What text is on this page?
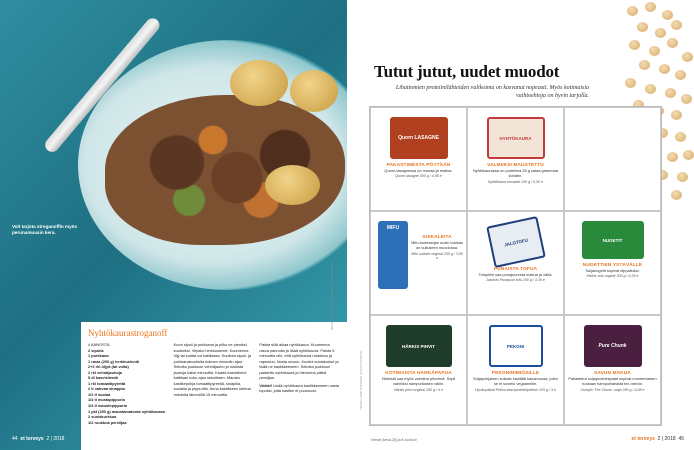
Voit tarjota stroganoffin myös perunamuusin kera.
Nyhtökaurastroganoff
4 ANNOSTA
2 sipulia
1 porkkana
1 rasia (200 g) herkkusieniä
2+2 rkl öljyä (tai voita)
2 rkl vehnäjauhoja
5 dl kasvislientä
1 rkl tomaattipyrettä
2 tl vahvaa sinappia
1/2 tl suolaa
1/4 tl mustapippuria
1/4 tl maustepippuria
1 pkt (250 g) maustamatonta nyhtökauraa
2 suolakurkkua
1/2 ruukkua persiljaa

Kuori sipuli ja porkkana ja pilko ne pieniksi kuutioiksi. Viipaloi herkkusienet. Kuumenna öljy tai sulata voi kattilassa. Kuullota sipuli- ja porkkanakuutioita kolmen minuutin ajan. Sekoita joukkoon vehnäjauho ja ruskista jauhoja kaksi minuuttia. Kaada kasvisliemi kattilaan koko ajan sekoittaen. Mausta kastikepohja tomaattipyreellä, sinapilla, suolalla ja pippurilla. Anna kastikkeen kiehua miedolla lämmöllä 15 minuuttia.

Paista sillä aikaa nyhtökaura. Kuumenna rasva pannulla ja lisää nyhtökaura. Paista 5 minuuttia niin, että nyhtökaura ruskistuu ja rapeutuu. Nosta sivuun. Kuutioi suolakurkut ja lisää ne kastikkeeseen. Sekoita joukkoon paistettu nyhtökaura ja hienonna pätkä persiljaa.

Vinkki! Lisää nyhtökaura kastikkeeseen vasta lopuksi, jotta kastike ei puuroudu.

44 et terveys 2 | 2018
KUVAT: ROBERT MUUKKONEN JA VALMISTAJAT
Tutut jutut, uudet muodot
Lihattomien proteiinilähteiden valikoima on kasvanut nopeasti. Myös kotimaisia vaihtoehtoja on hyvin tarjolla.
Quorn LASAGNE
PAKASTIMESTA PÖYTÄÄN
Quorn-lasagnessa on munaa ja maitoa.
Quorn lasagne 300 g / 4,95 e
NYHTÖKAURA
VALMIIKSI MAUSTETTU
Nyhtökaurassa on proteiinia 28 g sataa grammaa kohden.
Nyhtökaura tomaatti 240 g / 6,60 e
MIFU
SUIKALEITA
Mifu-tuotesarjan uusin tulokas on suikaleen muodossa.
Mifu suikale original 250 g / 3,85 e
JALOTOFU
PUNAISTA TOFUA
Tofuphiin saa punajuuresta makua ja väriä.
Jalotofu Punajuuri tofu 250 g / 3,30 e
NUGETIT
NUGETTIEN YSTÄVÄLLE
Soijanugetit sopivat dippailuksi.
Härkis tofu nugetit 300 g / 4,25 e
HÄRKIS PIHVIT
KOTIMAISTA HÄRKÄPAPUA
Härkisiä saa myös valmiina pihveinä. Sopii valmiiksi hampurilaisen väliin.
Härkis pihvi original 250 g / 4 e
PEKONI
PEKONINIMIÖSILLE
Soijapohjainen suikale sisältää kanamunaa, joten se ei sovellu vegaaneille.
Hyväsydänä Pekku kasviproteiinipekoni 125 g / 3 e
Pure Chunk
SAVUN MAKUA
Pakastetut soijaproteiinipalat sopivat moneenlaisen ruokaan hampurilaisista tex-mexiin.
Oumph! The Chunk -soija 280 g / 4,98 e
Hinnat (kesä-18) ja K-ruoka.fi
TEKSTI: ANNI PASANEN JA PÄIVI KIVISTÖ
et terveys 2 | 2018 45
